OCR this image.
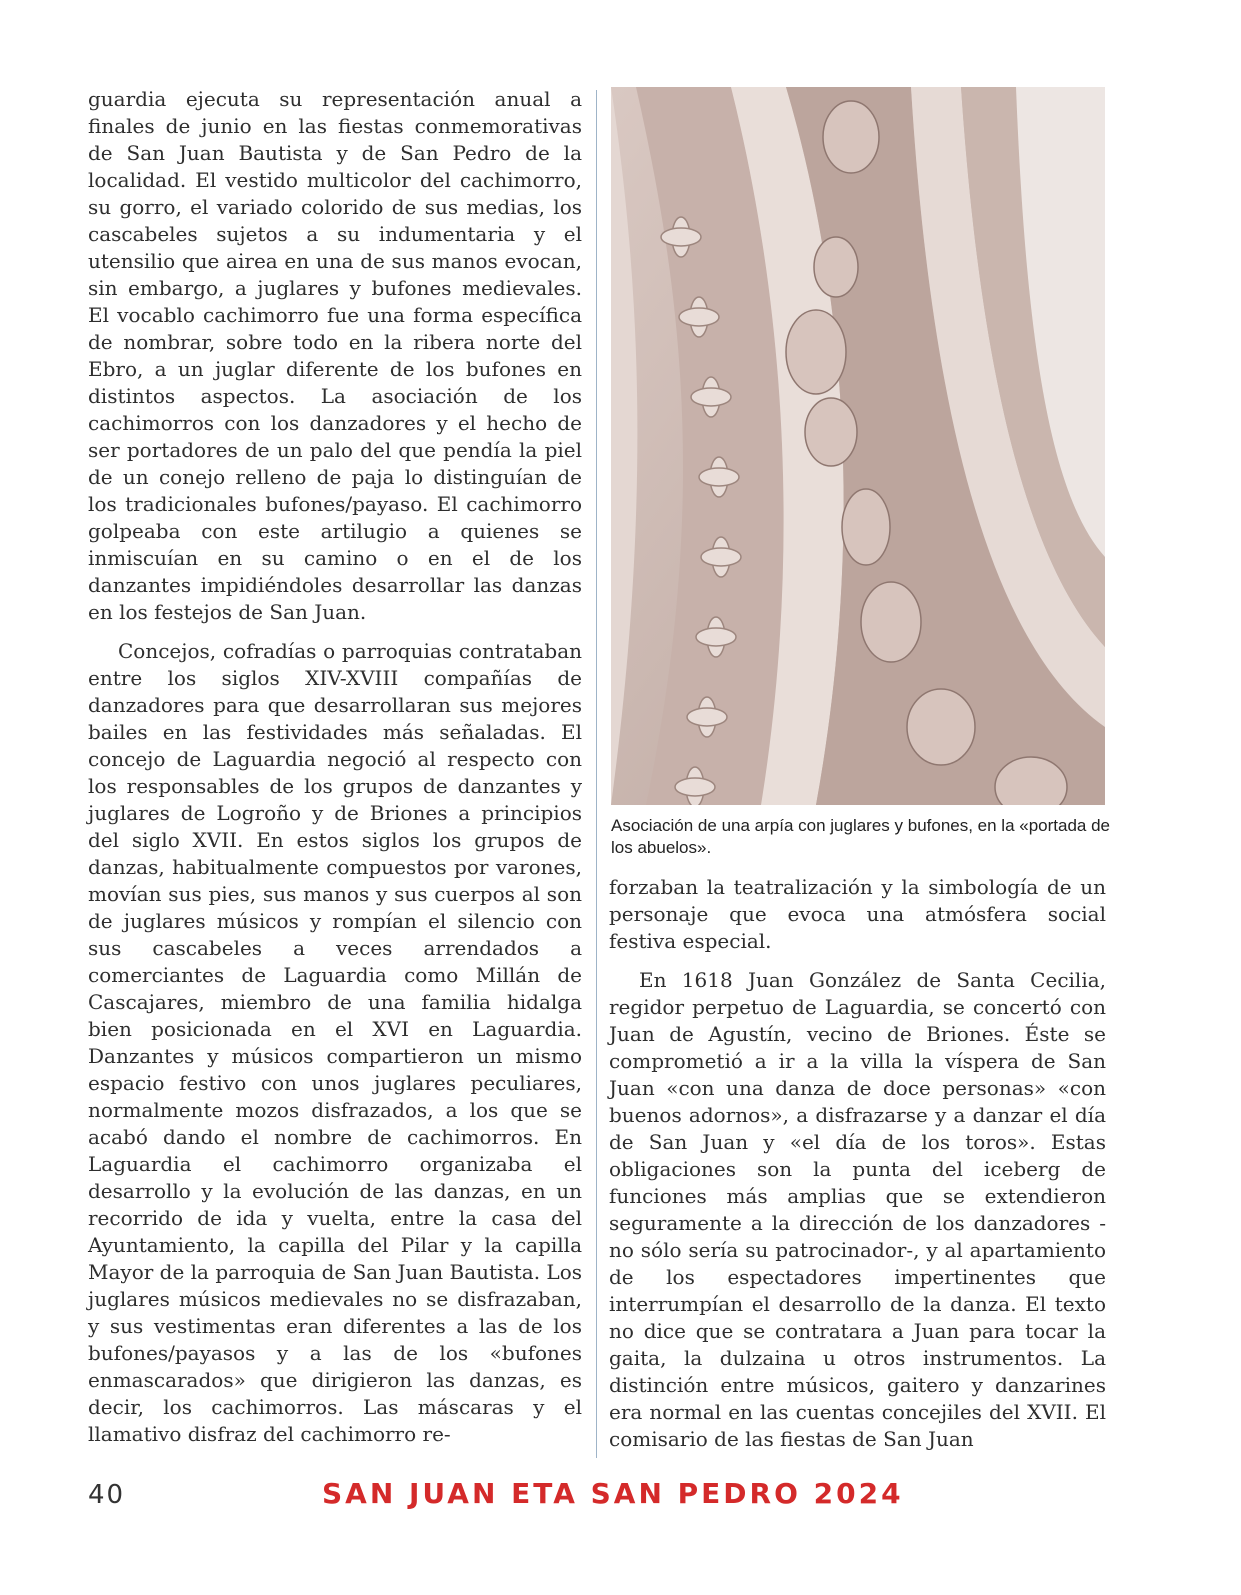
guardia ejecuta su representación anual a finales de junio en las fiestas conmemorativas de San Juan Bautista y de San Pedro de la localidad. El vestido multicolor del cachimorro, su gorro, el variado colorido de sus medias, los cascabeles sujetos a su indumentaria y el utensilio que airea en una de sus manos evocan, sin embargo, a juglares y bufones medievales. El vocablo cachimorro fue una forma específica de nombrar, sobre todo en la ribera norte del Ebro, a un juglar diferente de los bufones en distintos aspectos. La asociación de los cachimorros con los danzadores y el hecho de ser portadores de un palo del que pendía la piel de un conejo relleno de paja lo distinguían de los tradicionales bufones/payaso. El cachimorro golpeaba con este artilugio a quienes se inmiscuían en su camino o en el de los danzantes impidiéndoles desarrollar las danzas en los festejos de San Juan.

Concejos, cofradías o parroquias contrataban entre los siglos XIV-XVIII compañías de danzadores para que desarrollaran sus mejores bailes en las festividades más señaladas. El concejo de Laguardia negoció al respecto con los responsables de los grupos de danzantes y juglares de Logroño y de Briones a principios del siglo XVII. En estos siglos los grupos de danzas, habitualmente compuestos por varones, movían sus pies, sus manos y sus cuerpos al son de juglares músicos y rompían el silencio con sus cascabeles a veces arrendados a comerciantes de Laguardia como Millán de Cascajares, miembro de una familia hidalga bien posicionada en el XVI en Laguardia. Danzantes y músicos compartieron un mismo espacio festivo con unos juglares peculiares, normalmente mozos disfrazados, a los que se acabó dando el nombre de cachimorros. En Laguardia el cachimorro organizaba el desarrollo y la evolución de las danzas, en un recorrido de ida y vuelta, entre la casa del Ayuntamiento, la capilla del Pilar y la capilla Mayor de la parroquia de San Juan Bautista. Los juglares músicos medievales no se disfrazaban, y sus vestimentas eran diferentes a las de los bufones/payasos y a las de los «bufones enmascarados» que dirigieron las danzas, es decir, los cachimorros. Las máscaras y el llamativo disfraz del cachimorro re-

Asociación de una arpía con juglares y bufones, en la «portada de los abuelos».

forzaban la teatralización y la simbología de un personaje que evoca una atmósfera social festiva especial.

En 1618 Juan González de Santa Cecilia, regidor perpetuo de Laguardia, se concertó con Juan de Agustín, vecino de Briones. Éste se comprometió a ir a la villa la víspera de San Juan «con una danza de doce personas» «con buenos adornos», a disfrazarse y a danzar el día de San Juan y «el día de los toros». Estas obligaciones son la punta del iceberg de funciones más amplias que se extendieron seguramente a la dirección de los danzadores -no sólo sería su patrocinador-, y al apartamiento de los espectadores impertinentes que interrumpían el desarrollo de la danza. El texto no dice que se contratara a Juan para tocar la gaita, la dulzaina u otros instrumentos. La distinción entre músicos, gaitero y danzarines era normal en las cuentas concejiles del XVII. El comisario de las fiestas de San Juan

40	SAN JUAN ETA SAN PEDRO 2024
